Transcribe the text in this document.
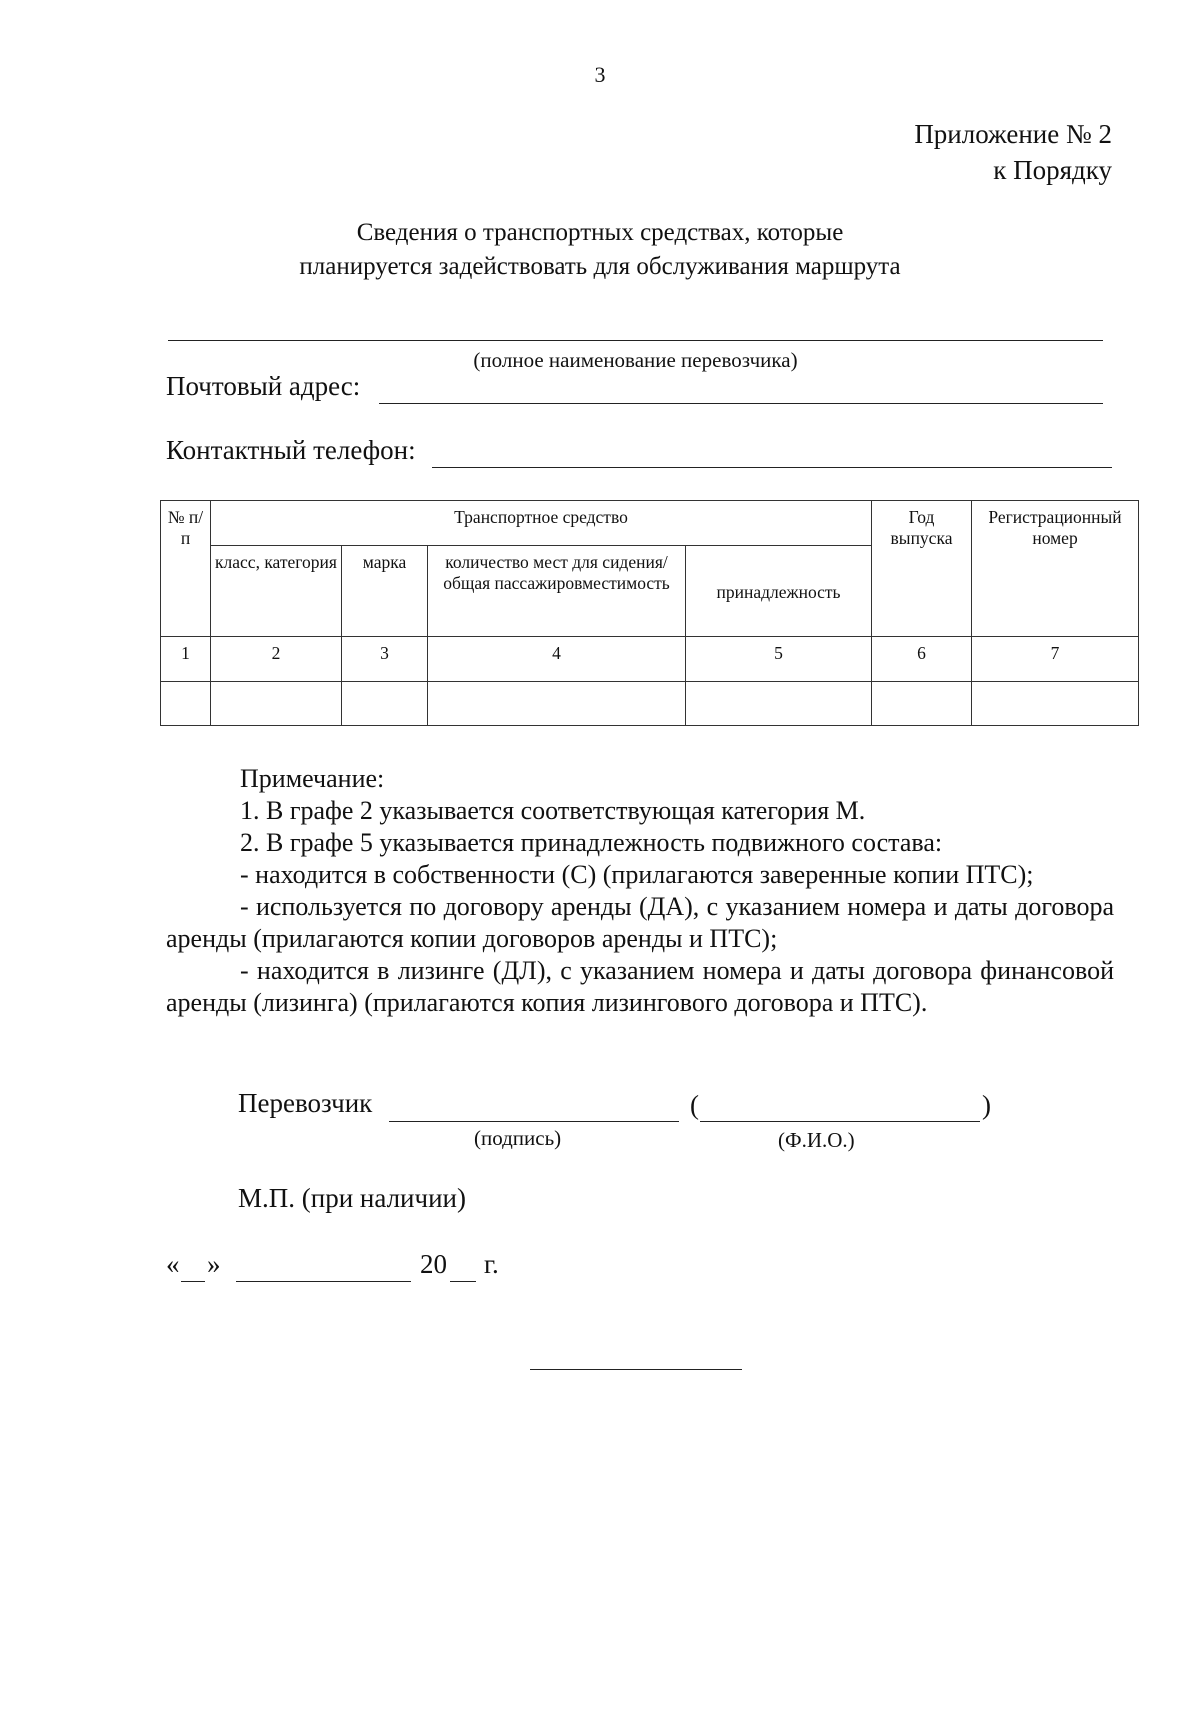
3
Приложение № 2
к Порядку
Сведения о транспортных средствах, которые
планируется задействовать для обслуживания маршрута
(полное наименование перевозчика)
Почтовый адрес:
Контактный телефон:
№ п/п	Транспортное средство				Год выпуска	Регистрационный номер
	класс, категория	марка	количество мест для сидения/общая пассажировместимость	принадлежность		
1	2	3	4	5	6	7

Примечание:

1. В графе 2 указывается соответствующая категория М.

2. В графе 5 указывается принадлежность подвижного состава:

- находится в собственности (С) (прилагаются заверенные копии ПТС);

- используется по договору аренды (ДА), с указанием номера и даты договора аренды (прилагаются копии договоров аренды и ПТС);

- находится в лизинге (ДЛ), с указанием номера и даты договора финансовой аренды (лизинга) (прилагаются копия лизингового договора и ПТС).

Перевозчик	(	)
(подпись)	(Ф.И.О.)
М.П. (при наличии)
« »	20 г.
